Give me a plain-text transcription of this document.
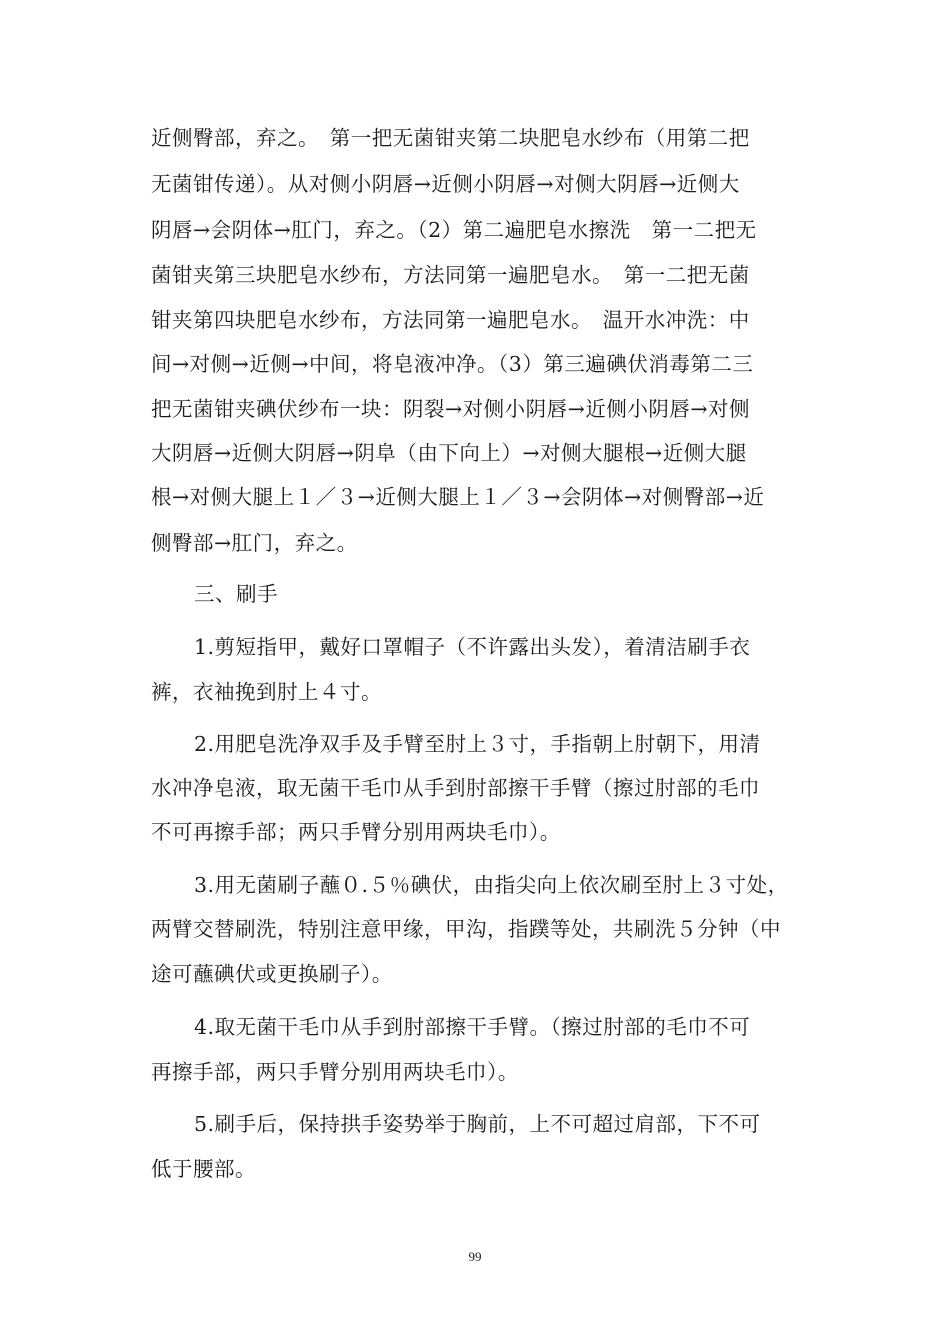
近侧臀部，弃之。　第一把无菌钳夹第二块肥皂水纱布（用第二把
无菌钳传递）。从对侧小阴唇→近侧小阴唇→对侧大阴唇→近侧大
阴唇→会阴体→肛门，弃之。（2）第二遍肥皂水擦洗　第一二把无
菌钳夹第三块肥皂水纱布，方法同第一遍肥皂水。　第一二把无菌
钳夹第四块肥皂水纱布，方法同第一遍肥皂水。　温开水冲洗：中
间→对侧→近侧→中间，将皂液冲净。（3）第三遍碘伏消毒第二三
把无菌钳夹碘伏纱布一块：阴裂→对侧小阴唇→近侧小阴唇→对侧
大阴唇→近侧大阴唇→阴阜（由下向上）→对侧大腿根→近侧大腿
根→对侧大腿上１／３→近侧大腿上１／３→会阴体→对侧臀部→近
侧臀部→肛门，弃之。
三、刷手
1.剪短指甲，戴好口罩帽子（不许露出头发），着清洁刷手衣
裤，衣袖挽到肘上４寸。
2.用肥皂洗净双手及手臂至肘上３寸，手指朝上肘朝下，用清
水冲净皂液，取无菌干毛巾从手到肘部擦干手臂（擦过肘部的毛巾
不可再擦手部；两只手臂分别用两块毛巾）。
3.用无菌刷子蘸０.５％碘伏，由指尖向上依次刷至肘上３寸处，
两臂交替刷洗，特别注意甲缘，甲沟，指蹼等处，共刷洗５分钟（中
途可蘸碘伏或更换刷子）。
4.取无菌干毛巾从手到肘部擦干手臂。（擦过肘部的毛巾不可
再擦手部，两只手臂分别用两块毛巾）。
5.刷手后，保持拱手姿势举于胸前，上不可超过肩部，下不可
低于腰部。
99
